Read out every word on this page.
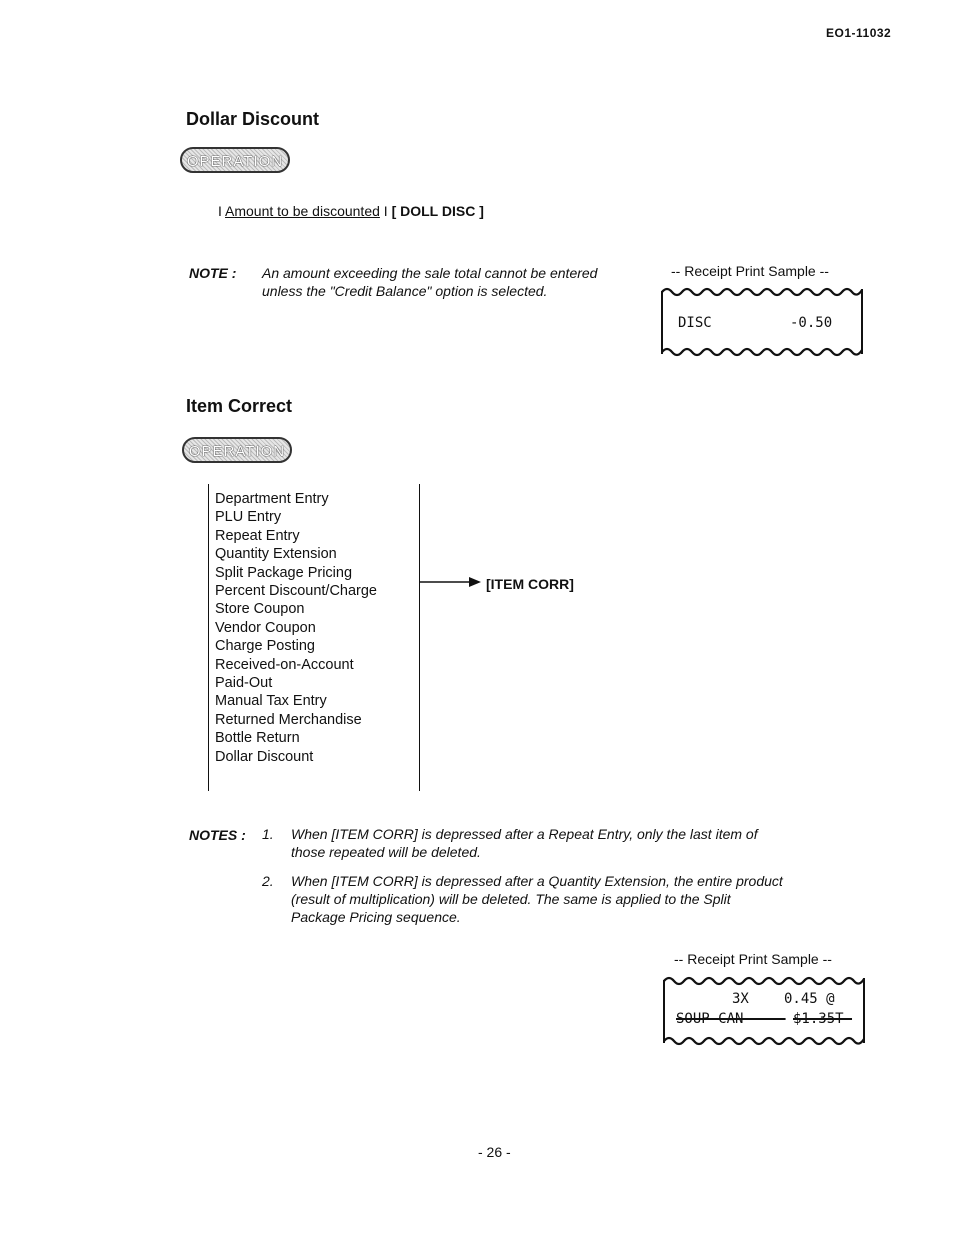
EO1-11032
Dollar Discount
OPERATION
I Amount to be discounted I [ DOLL DISC ]
NOTE : An amount exceeding the sale total cannot be entered
unless the "Credit Balance" option is selected.
-- Receipt Print Sample --
DISC	-0.50
Item Correct
OPERATION
Department Entry
PLU Entry
Repeat Entry
Quantity Extension
Split Package Pricing
Percent Discount/Charge
Store Coupon
Vendor Coupon
Charge Posting
Received-on-Account
Paid-Out
Manual Tax Entry
Returned Merchandise
Bottle Return
Dollar Discount
[ITEM CORR]
NOTES : 1. When [ITEM CORR] is depressed after a Repeat Entry, only the last item of
those repeated will be deleted.
2. When [ITEM CORR] is depressed after a Quantity Extension, the entire product
(result of multiplication) will be deleted. The same is applied to the Split
Package Pricing sequence.
-- Receipt Print Sample --
3X	0.45 @
SOUP-CAN----- $1.35T-
- 26 -
